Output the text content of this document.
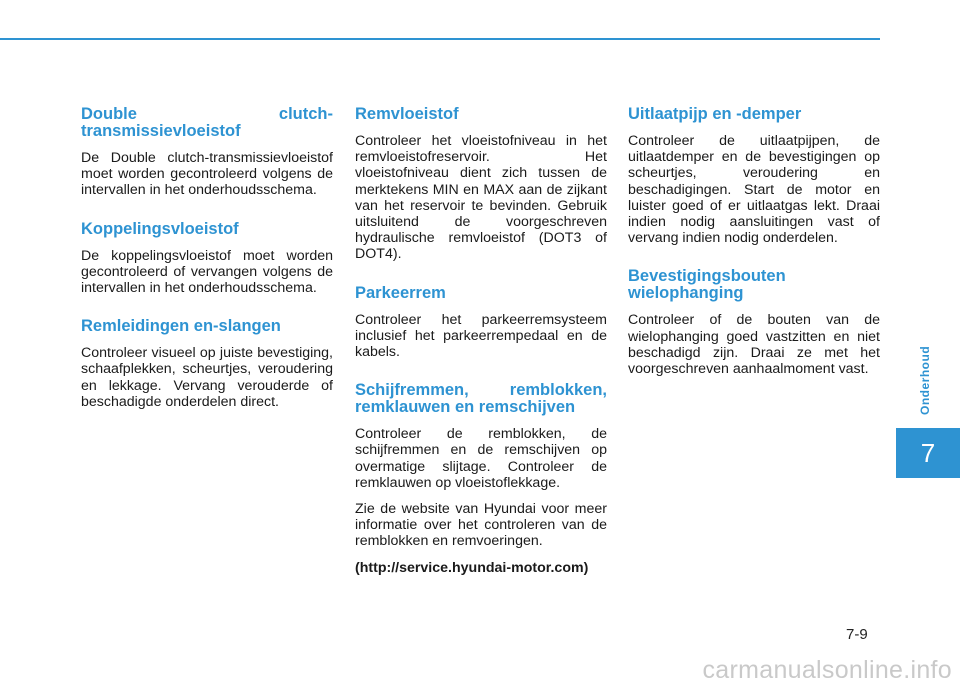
Double clutch-transmissievloeistof

De Double clutch-transmissievloeistof moet worden gecontroleerd volgens de intervallen in het onderhoudsschema.

Koppelingsvloeistof

De koppelingsvloeistof moet worden gecontroleerd of vervangen volgens de intervallen in het onderhoudsschema.

Remleidingen en-slangen

Controleer visueel op juiste bevestiging, schaafplekken, scheurtjes, veroudering en lekkage. Vervang verouderde of beschadigde onderdelen direct.

Remvloeistof

Controleer het vloeistofniveau in het remvloeistofreservoir. Het vloeistofniveau dient zich tussen de merktekens MIN en MAX aan de zijkant van het reservoir te bevinden. Gebruik uitsluitend de voorgeschreven hydraulische remvloeistof (DOT3 of DOT4).

Parkeerrem

Controleer het parkeerremsysteem inclusief het parkeerrempedaal en de kabels.

Schijfremmen, remblokken, remklauwen en remschijven

Controleer de remblokken, de schijfremmen en de remschijven op overmatige slijtage. Controleer de remklauwen op vloeistoflekkage.

Zie de website van Hyundai voor meer informatie over het controleren van de remblokken en remvoeringen.

(http://service.hyundai-motor.com)

Uitlaatpijp en -demper

Controleer de uitlaatpijpen, de uitlaatdemper en de bevestigingen op scheurtjes, veroudering en beschadigingen. Start de motor en luister goed of er uitlaatgas lekt. Draai indien nodig aansluitingen vast of vervang indien nodig onderdelen.

Bevestigingsbouten wielophanging

Controleer of de bouten van de wielophanging goed vastzitten en niet beschadigd zijn. Draai ze met het voorgeschreven aanhaalmoment vast.	Onderhoud
7
7-9
carmanualsonline.info
